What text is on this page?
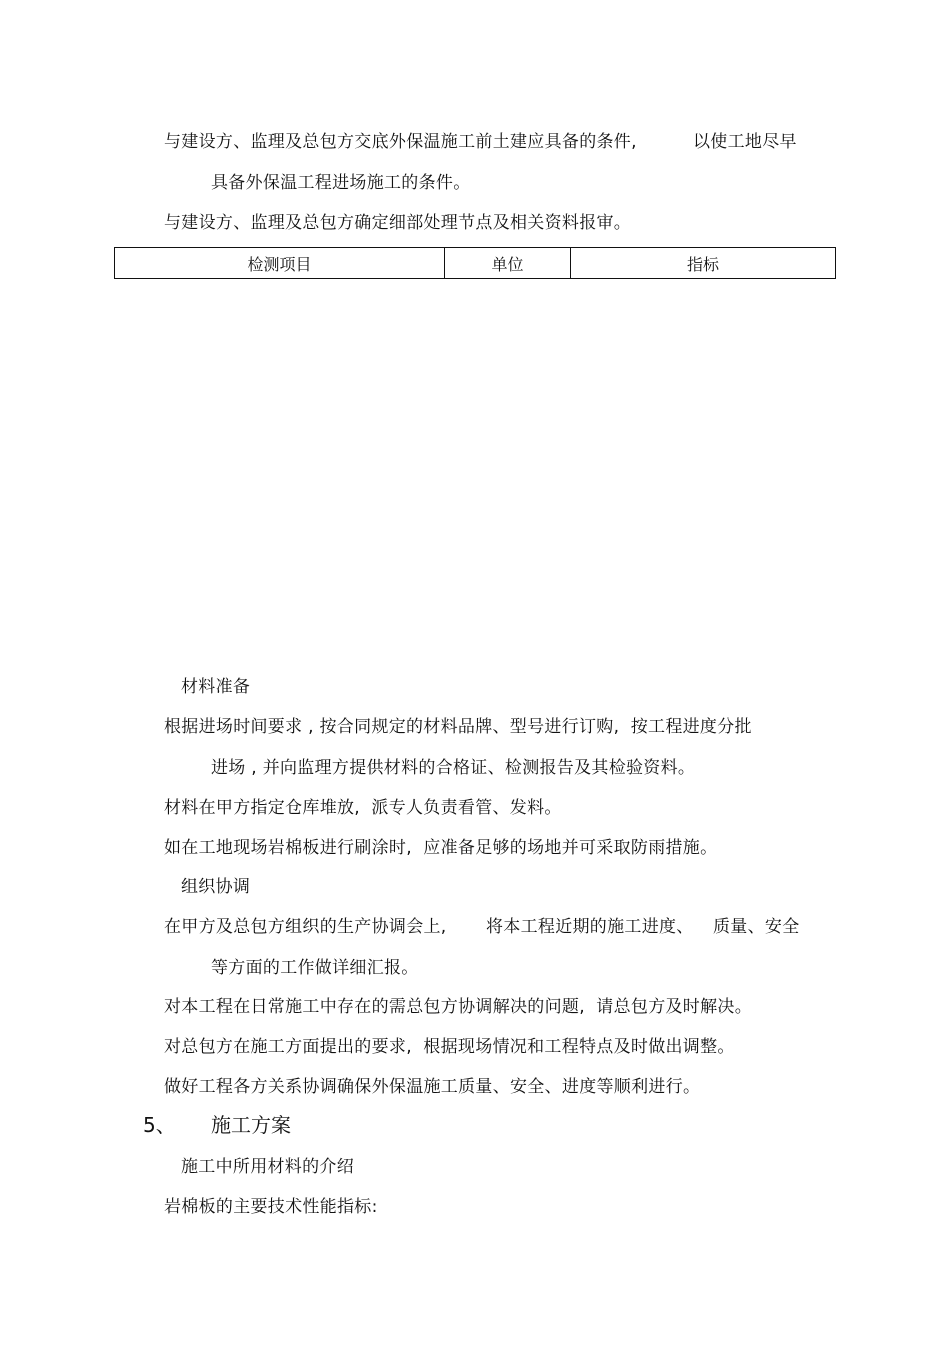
与建设方、监理及总包方交底外保温施工前土建应具备的条件,	以使工地尽早
具备外保温工程进场施工的条件。
与建设方、监理及总包方确定细部处理节点及相关资料报审。
检测项目	单位	指标
材料准备
根据进场时间要求 , 按合同规定的材料品牌、型号进行订购,  按工程进度分批
进场 , 并向监理方提供材料的合格证、检测报告及其检验资料。
材料在甲方指定仓库堆放,  派专人负责看管、发料。
如在工地现场岩棉板进行刷涂时,  应准备足够的场地并可采取防雨措施。
组织协调
在甲方及总包方组织的生产协调会上, 将本工程近期的施工进度、 质量、安全
等方面的工作做详细汇报。
对本工程在日常施工中存在的需总包方协调解决的问题,  请总包方及时解决。
对总包方在施工方面提出的要求,  根据现场情况和工程特点及时做出调整。
做好工程各方关系协调确保外保温施工质量、安全、进度等顺利进行。
5、 施工方案
施工中所用材料的介绍
岩棉板的主要技术性能指标:
